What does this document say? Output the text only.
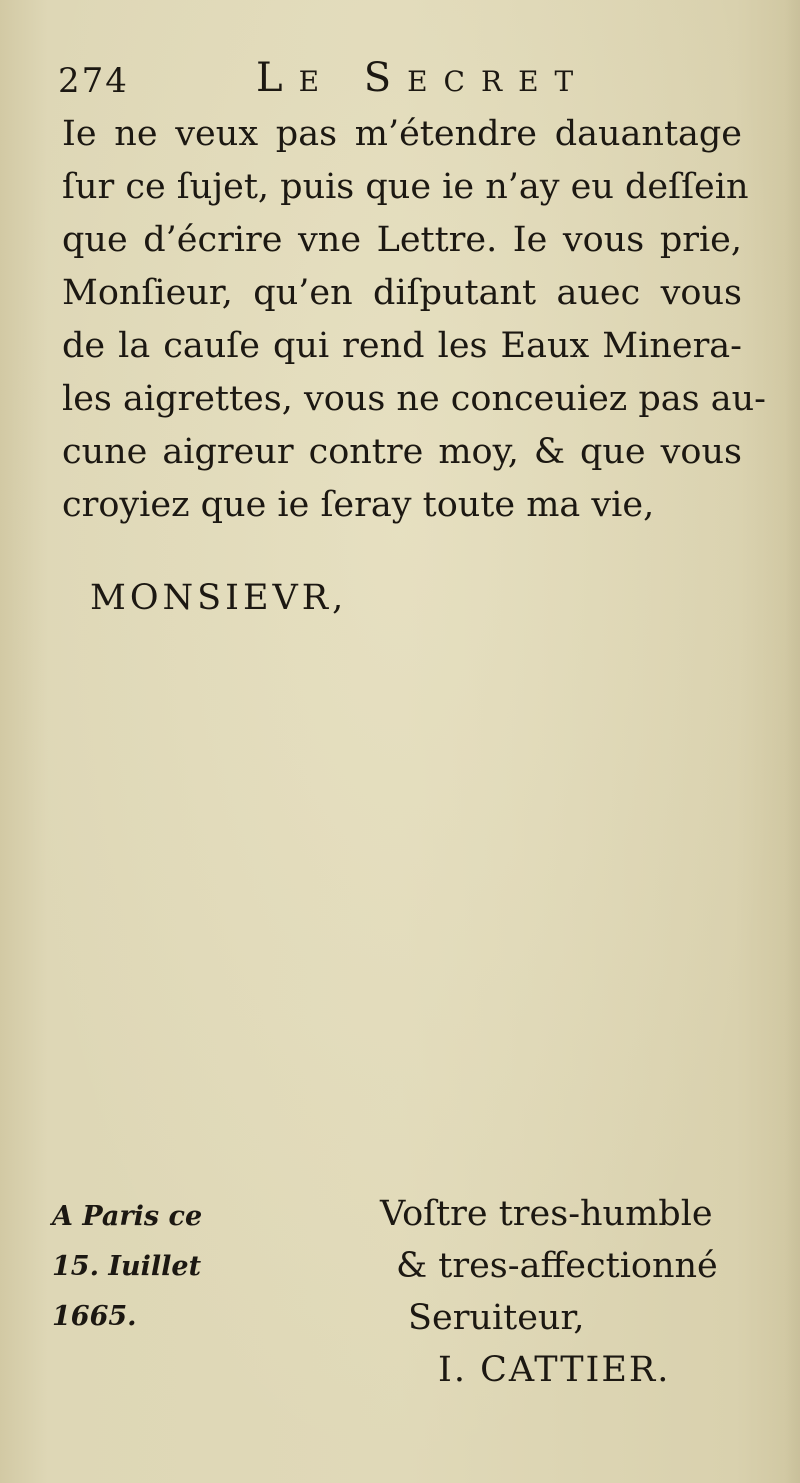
274	Le Secret
Ie ne veux pas m’étendre dauantage
ſur ce ſujet, puis que ie n’ay eu deſſein
que d’écrire vne Lettre. Ie vous prie,
Monſieur, qu’en diſputant auec vous
de la cauſe qui rend les Eaux Minera-
les aigrettes, vous ne conceuiez pas au-
cune aigreur contre moy, & que vous
croyiez que ie ſeray toute ma vie,
MONSIEVR,
A Paris ce
15. Iuillet
1665.
Voſtre tres-humble
& tres-affectionné
Seruiteur,
I. CATTIER.
